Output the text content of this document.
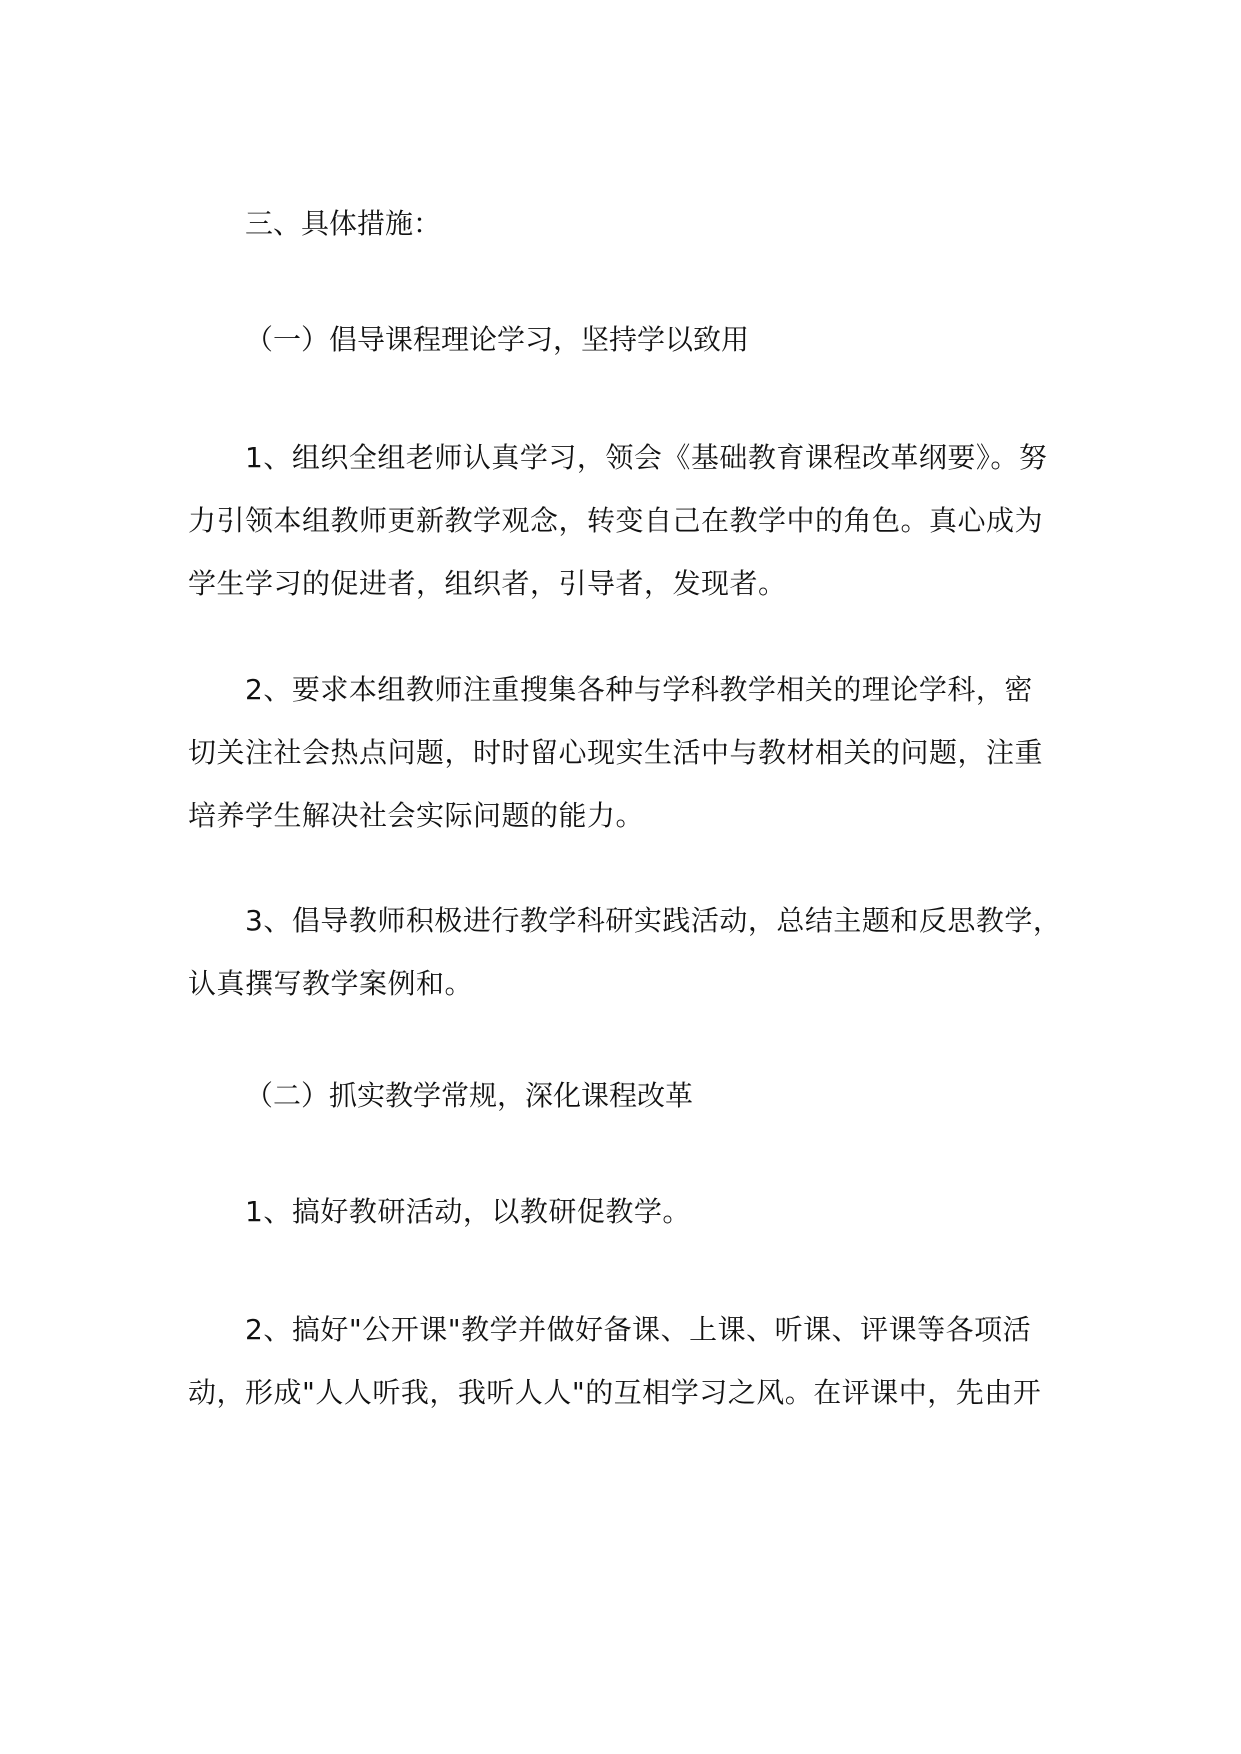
三、具体措施：
（一）倡导课程理论学习，坚持学以致用
1、组织全组老师认真学习，领会《基础教育课程改革纲要》。努
力引领本组教师更新教学观念，转变自己在教学中的角色。真心成为
学生学习的促进者，组织者，引导者，发现者。
2、要求本组教师注重搜集各种与学科教学相关的理论学科，密
切关注社会热点问题，时时留心现实生活中与教材相关的问题，注重
培养学生解决社会实际问题的能力。
3、倡导教师积极进行教学科研实践活动，总结主题和反思教学，
认真撰写教学案例和。
（二）抓实教学常规，深化课程改革
1、搞好教研活动，以教研促教学。
2、搞好"公开课"教学并做好备课、上课、听课、评课等各项活
动，形成"人人听我，我听人人"的互相学习之风。在评课中，先由开
